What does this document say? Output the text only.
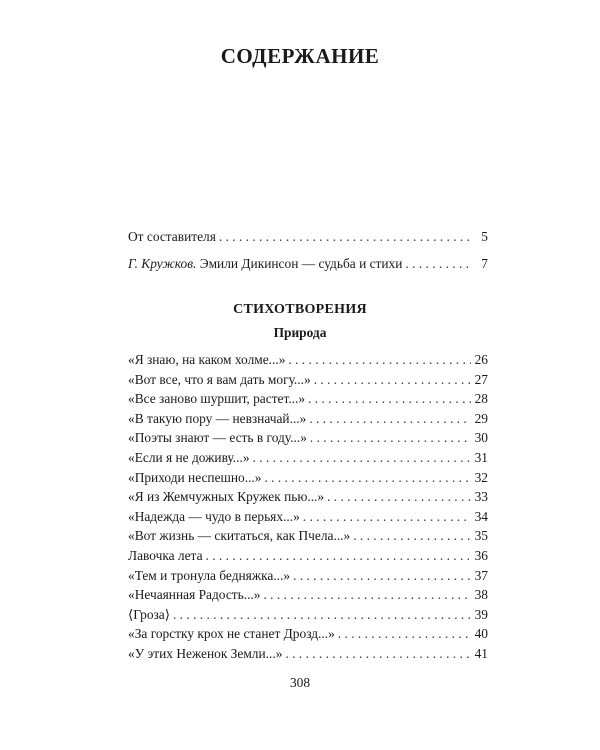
СОДЕРЖАНИЕ
От составителя . . .	5
Г. Кружков. Эмили Дикинсон — судьба и стихи . . .	7
СТИХОТВОРЕНИЯ
Природа
«Я знаю, на каком холме...» . . .	26
«Вот все, что я вам дать могу...» . . .	27
«Все заново шуршит, растет...» . . .	28
«В такую пору — невзначай...» . . .	29
«Поэты знают — есть в году...» . . .	30
«Если я не доживу...» . . .	31
«Приходи неспешно...» . . .	32
«Я из Жемчужных Кружек пью...» . . .	33
«Надежда — чудо в перьях...» . . .	34
«Вот жизнь — скитаться, как Пчела...» . . .	35
Лавочка лета . . .	36
«Тем и тронула бедняжка...» . . .	37
«Нечаянная Радость...» . . .	38
⟨Гроза⟩ . . .	39
«За горстку крох не станет Дрозд...» . . .	40
«У этих Неженок Земли...» . . .	41
308
